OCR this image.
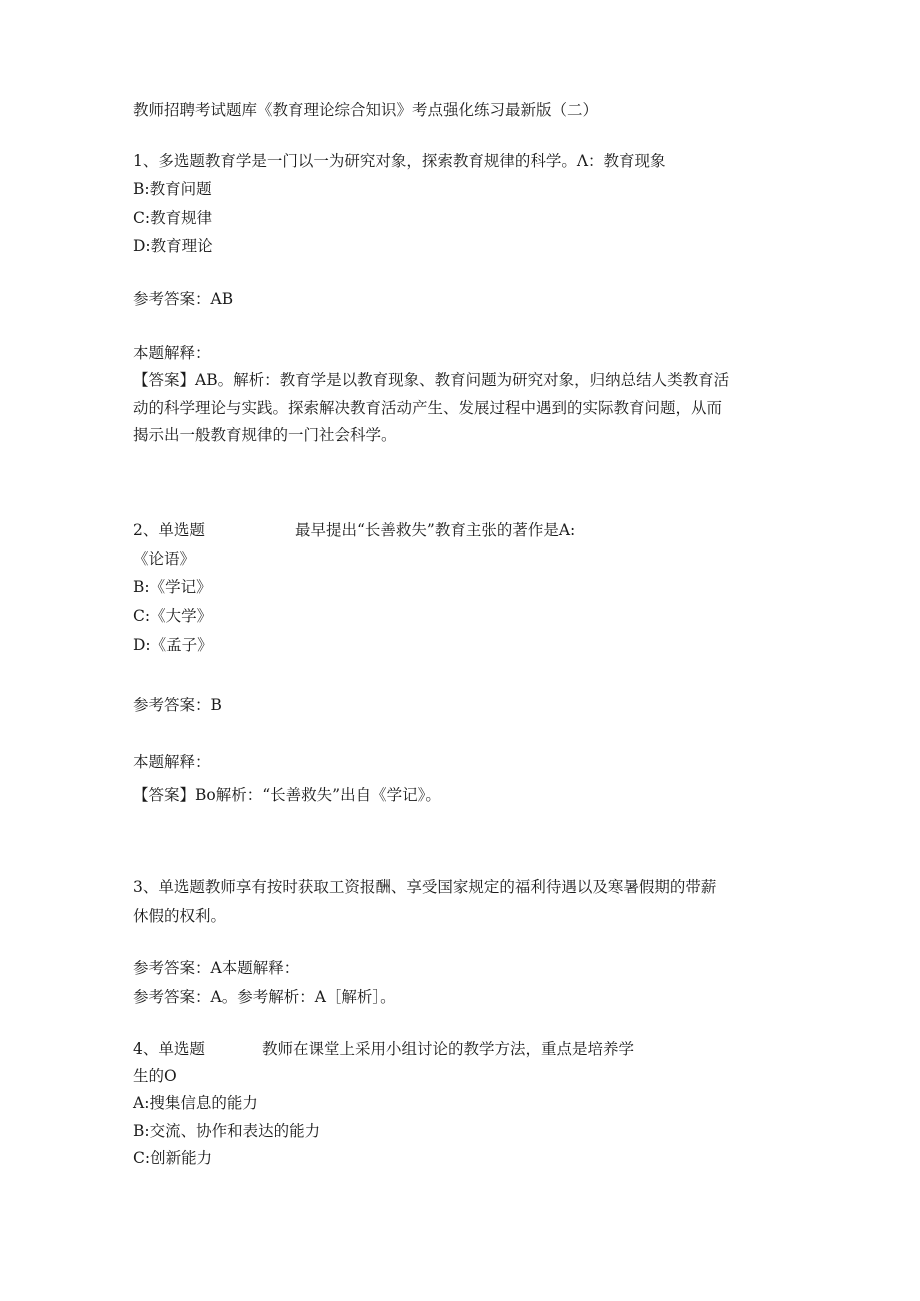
教师招聘考试题库《教育理论综合知识》考点强化练习最新版（二）
1、多选题教育学是一门以一为研究对象，探索教育规律的科学。Λ：教育现象
B:教育问题
C:教育规律
D:教育理论
参考答案：AB
本题解释：
【答案】AB。解析：教育学是以教育现象、教育问题为研究对象，归纳总结人类教育活
动的科学理论与实践。探索解决教育活动产生、发展过程中遇到的实际教育问题，从而
揭示出一般教育规律的一门社会科学。
2、单选题	最早提出“长善救失”教育主张的著作是A:
《论语》
B:《学记》
C:《大学》
D:《孟子》
参考答案：B
本题解释：
【答案】Bo解析：“长善救失”出自《学记》。
3、单选题教师享有按时获取工资报酬、享受国家规定的福利待遇以及寒暑假期的带薪
休假的权利。
参考答案：A本题解释：
参考答案：A。参考解析：A［解析］。
4、单选题	教师在课堂上采用小组讨论的教学方法，重点是培养学
生的O
A:搜集信息的能力
B:交流、协作和表达的能力
C:创新能力
